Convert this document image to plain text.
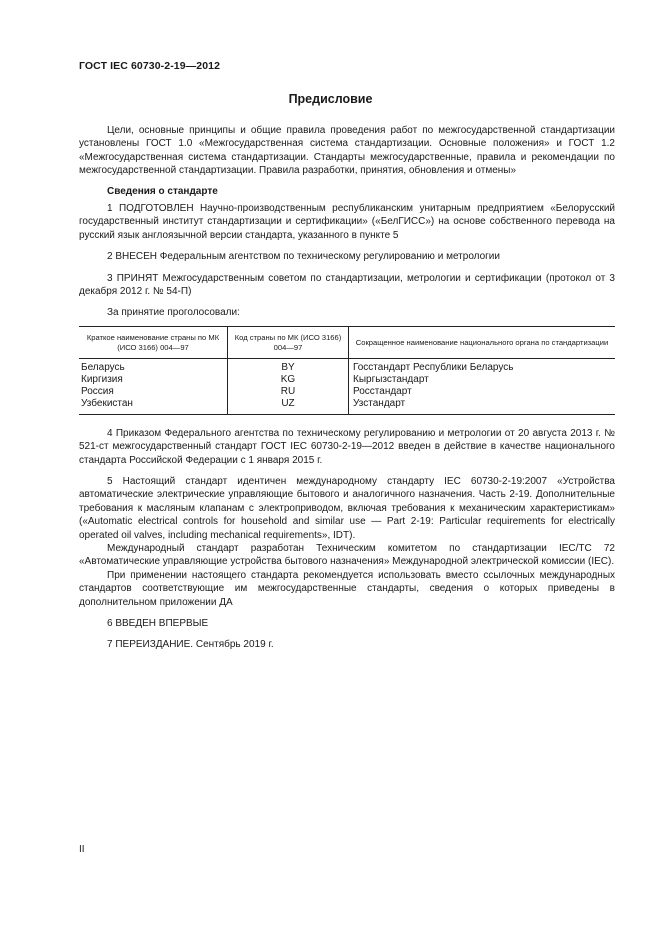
ГОСТ IEC 60730-2-19—2012
Предисловие

Цели, основные принципы и общие правила проведения работ по межгосударственной стандартизации установлены ГОСТ 1.0 «Межгосударственная система стандартизации. Основные положения» и ГОСТ 1.2 «Межгосударственная система стандартизации. Стандарты межгосударственные, правила и рекомендации по межгосударственной стандартизации. Правила разработки, принятия, обновления и отмены»

Сведения о стандарте

1 ПОДГОТОВЛЕН Научно-производственным республиканским унитарным предприятием «Белорусский государственный институт стандартизации и сертификации» («БелГИСС») на основе собственного перевода на русский язык англоязычной версии стандарта, указанного в пункте 5

2 ВНЕСЕН Федеральным агентством по техническому регулированию и метрологии

3 ПРИНЯТ Межгосударственным советом по стандартизации, метрологии и сертификации (протокол от 3 декабря 2012 г. № 54-П)

За принятие проголосовали:

Краткое наименование страны по МК (ИСО 3166) 004—97	Код страны по МК (ИСО 3166) 004—97	Сокращенное наименование национального органа по стандартизации
Беларусь	BY	Госстандарт Республики Беларусь
Киргизия	KG	Кыргызстандарт
Россия	RU	Росстандарт
Узбекистан	UZ	Узстандарт

4 Приказом Федерального агентства по техническому регулированию и метрологии от 20 августа 2013 г. № 521-ст межгосударственный стандарт ГОСТ IEC 60730-2-19—2012 введен в действие в качестве национального стандарта Российской Федерации с 1 января 2015 г.

5 Настоящий стандарт идентичен международному стандарту IEC 60730-2-19:2007 «Устройства автоматические электрические управляющие бытового и аналогичного назначения. Часть 2-19. Дополнительные требования к масляным клапанам с электроприводом, включая требования к механическим характеристикам» («Automatic electrical controls for household and similar use — Part 2-19: Particular requirements for electrically operated oil valves, including mechanical requirements», IDT).

Международный стандарт разработан Техническим комитетом по стандартизации IEC/TC 72 «Автоматические управляющие устройства бытового назначения» Международной электрической комиссии (IEC).

При применении настоящего стандарта рекомендуется использовать вместо ссылочных международных стандартов соответствующие им межгосударственные стандарты, сведения о которых приведены в дополнительном приложении ДА

6 ВВЕДЕН ВПЕРВЫЕ

7 ПЕРЕИЗДАНИЕ. Сентябрь 2019 г.

II
